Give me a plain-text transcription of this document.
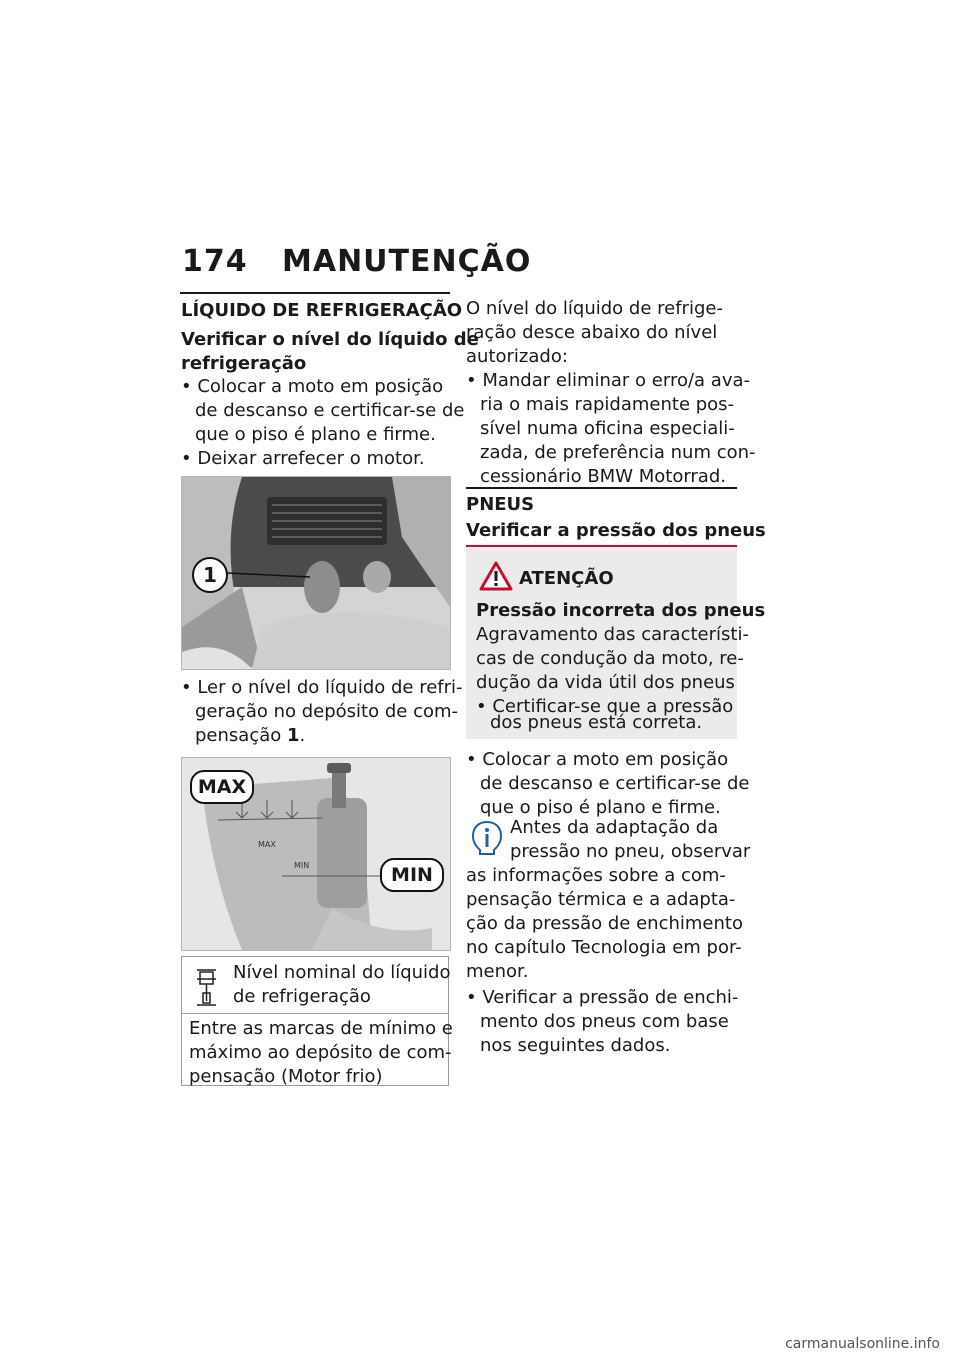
174 MANUTENÇÃO
LÍQUIDO DE REFRIGERAÇÃO
Verificar o nível do líquido de
refrigeração
• Colocar a moto em posição
de descanso e certificar-se de
que o piso é plano e firme.
• Deixar arrefecer o motor.
1
• Ler o nível do líquido de refri-
geração no depósito de com-
pensação 1.
MAX
MIN
MAX
MIN
Nível nominal do líquido
de refrigeração
Entre as marcas de mínimo e
máximo ao depósito de com-
pensação (Motor frio)
O nível do líquido de refrige-
ração desce abaixo do nível
autorizado:
• Mandar eliminar o erro/a ava-
ria o mais rapidamente pos-
sível numa oficina especiali-
zada, de preferência num con-
cessionário BMW Motorrad.
PNEUS
Verificar a pressão dos pneus
ATENÇÃO
Pressão incorreta dos pneus
Agravamento das característi-
cas de condução da moto, re-
dução da vida útil dos pneus
• Certificar-se que a pressão
dos pneus está correta.
• Colocar a moto em posição
de descanso e certificar-se de
que o piso é plano e firme.
Antes da adaptação da
pressão no pneu, observar
as informações sobre a com-
pensação térmica e a adapta-
ção da pressão de enchimento
no capítulo Tecnologia em por-
menor.
• Verificar a pressão de enchi-
mento dos pneus com base
nos seguintes dados.
carmanualsonline.info
